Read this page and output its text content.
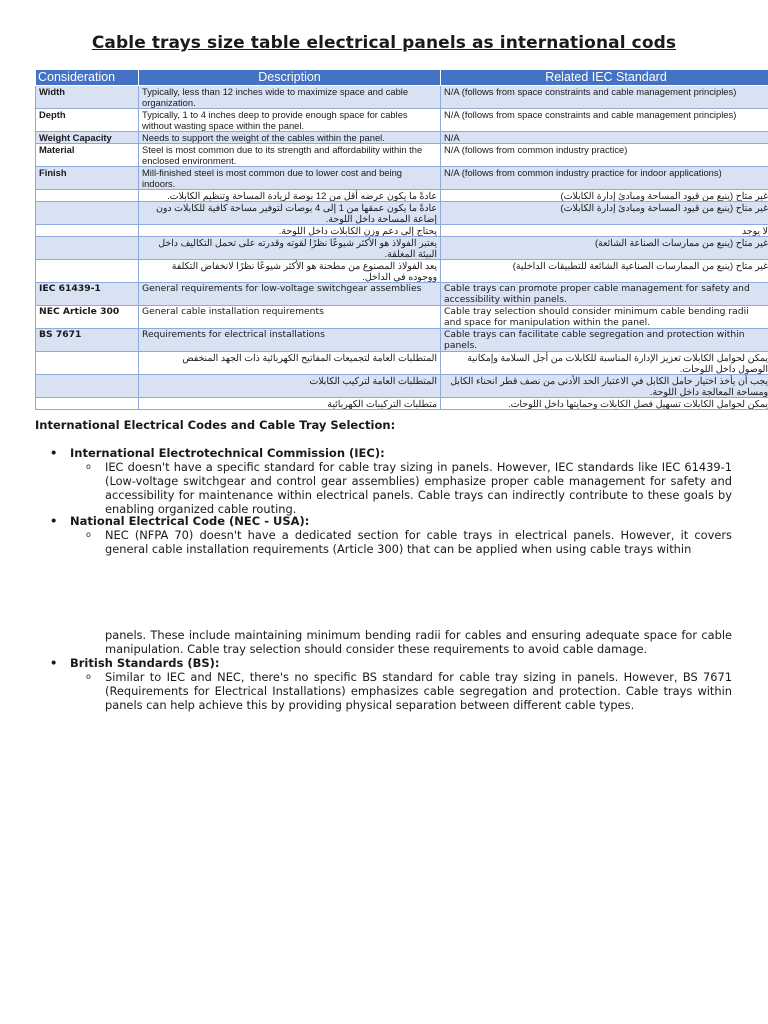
Cable trays size table electrical panels as international cods
Consideration	Description	Related IEC Standard
Width	Typically, less than 12 inches wide to maximize space and cable organization.	N/A (follows from space constraints and cable management principles)
Depth	Typically, 1 to 4 inches deep to provide enough space for cables without wasting space within the panel.	N/A (follows from space constraints and cable management principles)
Weight Capacity	Needs to support the weight of the cables within the panel.	N/A
Material	Steel is most common due to its strength and affordability within the enclosed environment.	N/A (follows from common industry practice)
Finish	Mill-finished steel is most common due to lower cost and being indoors.	N/A (follows from common industry practice for indoor applications)
	عادةً ما يكون عرضه أقل من 12 بوصة لزيادة المساحة وتنظيم الكابلات.	غير متاح (ينبع من قيود المساحة ومبادئ إدارة الكابلات)
	عادةً ما يكون عمقها من 1 إلى 4 بوصات لتوفير مساحة كافية للكابلات دون إضاعة المساحة داخل اللوحة.	غير متاح (ينبع من قيود المساحة ومبادئ إدارة الكابلات)
	يحتاج إلى دعم وزن الكابلات داخل اللوحة.	لا يوجد
	يعتبر الفولاذ هو الأكثر شيوعًا نظرًا لقوته وقدرته على تحمل التكاليف داخل البيئة المغلقة.	غير متاح (ينبع من ممارسات الصناعة الشائعة)
	يعد الفولاذ المصنوع من مطحنة هو الأكثر شيوعًا نظرًا لانخفاض التكلفة ووجوده في الداخل.	غير متاح (ينبع من الممارسات الصناعية الشائعة للتطبيقات الداخلية)
IEC 61439-1	General requirements for low-voltage switchgear assemblies	Cable trays can promote proper cable management for safety and accessibility within panels.
NEC Article 300	General cable installation requirements	Cable tray selection should consider minimum cable bending radii and space for manipulation within the panel.
BS 7671	Requirements for electrical installations	Cable trays can facilitate cable segregation and protection within panels.
	المتطلبات العامة لتجميعات المفاتيح الكهربائية ذات الجهد المنخفض	يمكن لحوامل الكابلات تعزيز الإدارة المناسبة للكابلات من أجل السلامة وإمكانية الوصول داخل اللوحات.
	المتطلبات العامة لتركيب الكابلات	يجب أن يأخذ اختيار حامل الكابل في الاعتبار الحد الأدنى من نصف قطر انحناء الكابل ومساحة المعالجة داخل اللوحة.
	متطلبات التركيبات الكهربائية	يمكن لحوامل الكابلات تسهيل فصل الكابلات وحمايتها داخل اللوحات.

International Electrical Codes and Cable Tray Selection:

• International Electrotechnical Commission (IEC):

o IEC doesn't have a specific standard for cable tray sizing in panels. However, IEC standards like IEC 61439-1 (Low-voltage switchgear and control gear assemblies) emphasize proper cable management for safety and accessibility for maintenance within electrical panels. Cable trays can indirectly contribute to these goals by enabling organized cable routing.

• National Electrical Code (NEC - USA):

o NEC (NFPA 70) doesn't have a dedicated section for cable trays in electrical panels. However, it covers general cable installation requirements (Article 300) that can be applied when using cable trays within

panels. These include maintaining minimum bending radii for cables and ensuring adequate space for cable manipulation. Cable tray selection should consider these requirements to avoid cable damage.

• British Standards (BS):

o Similar to IEC and NEC, there's no specific BS standard for cable tray sizing in panels. However, BS 7671 (Requirements for Electrical Installations) emphasizes cable segregation and protection. Cable trays within panels can help achieve this by providing physical separation between different cable types.
